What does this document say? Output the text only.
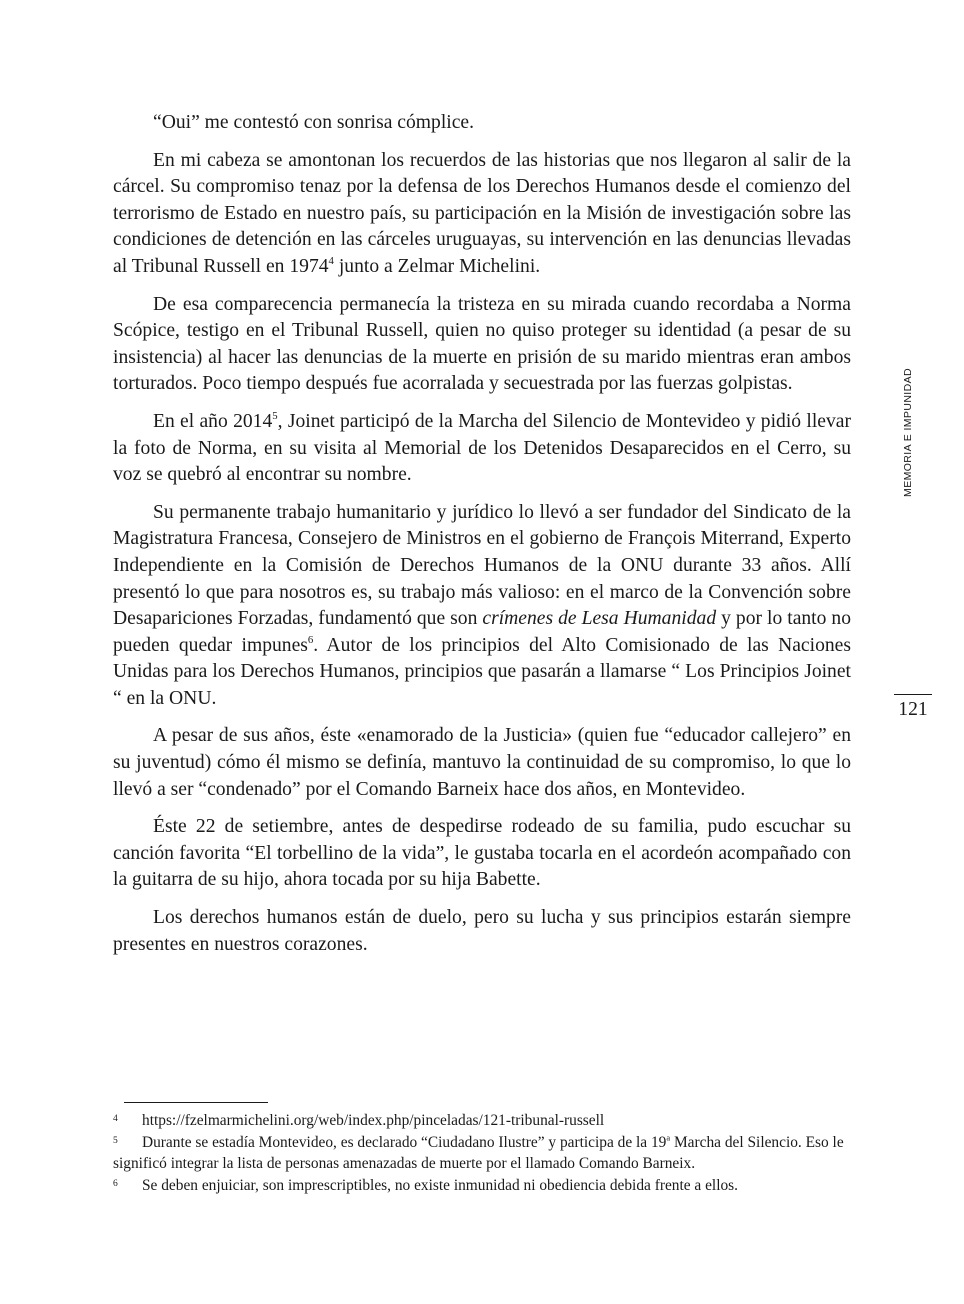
“Oui” me contestó con sonrisa cómplice.

En mi cabeza se amontonan los recuerdos de las historias que nos llegaron al salir de la cárcel. Su compromiso tenaz por la defensa de los Derechos Humanos desde el comienzo del terrorismo de Estado en nuestro país, su participación en la Misión de investigación sobre las condiciones de detención en las cárceles uruguayas, su intervención en las denuncias llevadas al Tribunal Russell en 1974$^4$ junto a Zelmar Michelini.

De esa comparecencia permanecía la tristeza en su mirada cuando recordaba a Norma Scópice, testigo en el Tribunal Russell, quien no quiso proteger su identidad (a pesar de su insistencia) al hacer las denuncias de la muerte en prisión de su marido mientras eran ambos torturados. Poco tiempo después fue acorralada y secuestrada por las fuerzas golpistas.

En el año 2014$^5$, Joinet participó de la Marcha del Silencio de Montevideo y pidió llevar la foto de Norma, en su visita al Memorial de los Detenidos Desaparecidos en el Cerro, su voz se quebró al encontrar su nombre.

Su permanente trabajo humanitario y jurídico lo llevó a ser fundador del Sindicato de la Magistratura Francesa, Consejero de Ministros en el gobierno de François Miterrand, Experto Independiente en la Comisión de Derechos Humanos de la ONU durante 33 años. Allí presentó lo que para nosotros es, su trabajo más valioso: en el marco de la Convención sobre Desapariciones Forzadas, fundamentó que son crímenes de Lesa Humanidad y por lo tanto no pueden quedar impunes$^6$. Autor de los principios del Alto Comisionado de las Naciones Unidas para los Derechos Humanos, principios que pasarán a llamarse “ Los Principios Joinet “ en la ONU.

A pesar de sus años, éste «enamorado de la Justicia» (quien fue “educador callejero” en su juventud) cómo él mismo se definía, mantuvo la continuidad de su compromiso, lo que lo llevó a ser “condenado” por el Comando Barneix hace dos años, en Montevideo.

Éste 22 de setiembre, antes de despedirse rodeado de su familia, pudo escuchar su canción favorita “El torbellino de la vida”, le gustaba tocarla en el acordeón acompañado con la guitarra de su hijo, ahora tocada por su hija Babette.

Los derechos humanos están de duelo, pero su lucha y sus principios estarán siempre presentes en nuestros corazones.

MEMORIA E IMPUNIDAD
121

4 https://fzelmarmichelini.org/web/index.php/pinceladas/121-tribunal-russell

5 Durante se estadía Montevideo, es declarado “Ciudadano Ilustre” y participa de la 19$^a$ Marcha del Silencio. Eso le significó integrar la lista de personas amenazadas de muerte por el llamado Comando Barneix.

6 Se deben enjuiciar, son imprescriptibles, no existe inmunidad ni obediencia debida frente a ellos.
